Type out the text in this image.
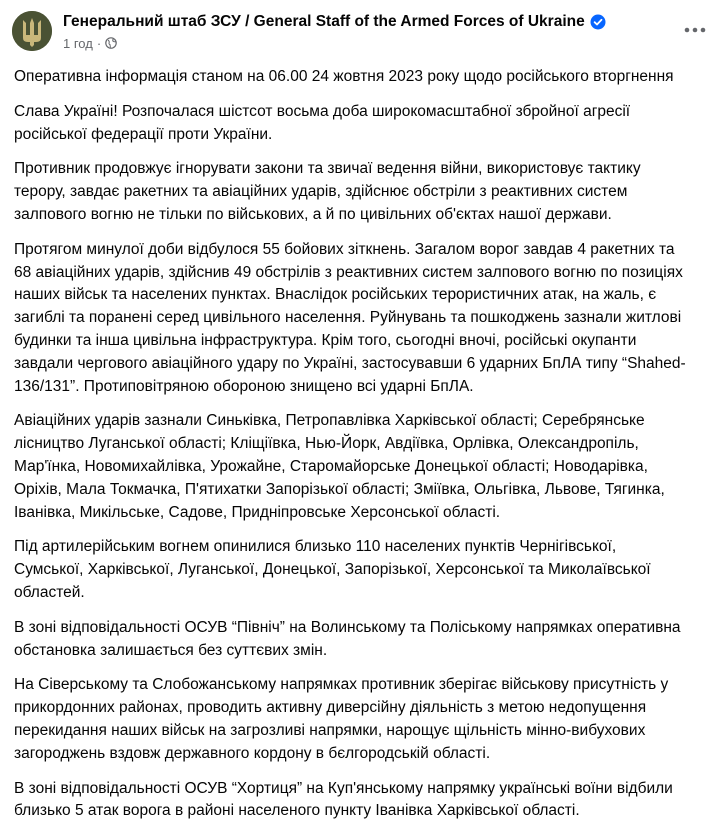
Генеральний штаб ЗСУ / General Staff of the Armed Forces of Ukraine
1 год ·

Оперативна інформація станом на 06.00 24 жовтня 2023 року щодо російського вторгнення

Слава Україні! Розпочалася шістсот восьма доба широкомасштабної збройної агресії
російської федерації проти України.

Противник продовжує ігнорувати закони та звичаї ведення війни, використовує тактику
терору, завдає ракетних та авіаційних ударів, здійснює обстріли з реактивних систем
залпового вогню не тільки по військових, а й по цивільних об'єктах нашої держави.

Протягом минулої доби відбулося 55 бойових зіткнень. Загалом ворог завдав 4 ракетних та
68 авіаційних ударів, здійснив 49 обстрілів з реактивних систем залпового вогню по позиціях
наших військ та населених пунктах. Внаслідок російських терористичних атак, на жаль, є
загиблі та поранені серед цивільного населення. Руйнувань та пошкоджень зазнали житлові
будинки та інша цивільна інфраструктура. Крім того, сьогодні вночі, російські окупанти
завдали чергового авіаційного удару по Україні, застосувавши 6 ударних БпЛА типу “Shahed-
136/131”. Протиповітряною обороною знищено всі ударні БпЛА.

Авіаційних ударів зазнали Синьківка, Петропавлівка Харківської області; Серебрянське
лісництво Луганської області; Кліщіївка, Нью-Йорк, Авдіївка, Орлівка, Олександропіль,
Мар'їнка, Новомихайлівка, Урожайне, Старомайорське Донецької області; Новодарівка,
Оріхів, Мала Токмачка, П'ятихатки Запорізької області; Зміївка, Ольгівка, Львове, Тягинка,
Іванівка, Микільське, Садове, Придніпровське Херсонської області.

Під артилерійським вогнем опинилися близько 110 населених пунктів Чернігівської,
Сумської, Харківської, Луганської, Донецької, Запорізької, Херсонської та Миколаївської
областей.

В зоні відповідальності ОСУВ “Північ” на Волинському та Поліському напрямках оперативна
обстановка залишається без суттєвих змін.

На Сіверському та Слобожанському напрямках противник зберігає військову присутність у
прикордонних районах, проводить активну диверсійну діяльність з метою недопущення
перекидання наших військ на загрозливі напрямки, нарощує щільність мінно-вибухових
загороджень вздовж державного кордону в бєлгородській області.

В зоні відповідальності ОСУВ “Хортиця” на Куп'янському напрямку українські воїни відбили
близько 5 атак ворога в районі населеного пункту Іванівка Харківської області.
